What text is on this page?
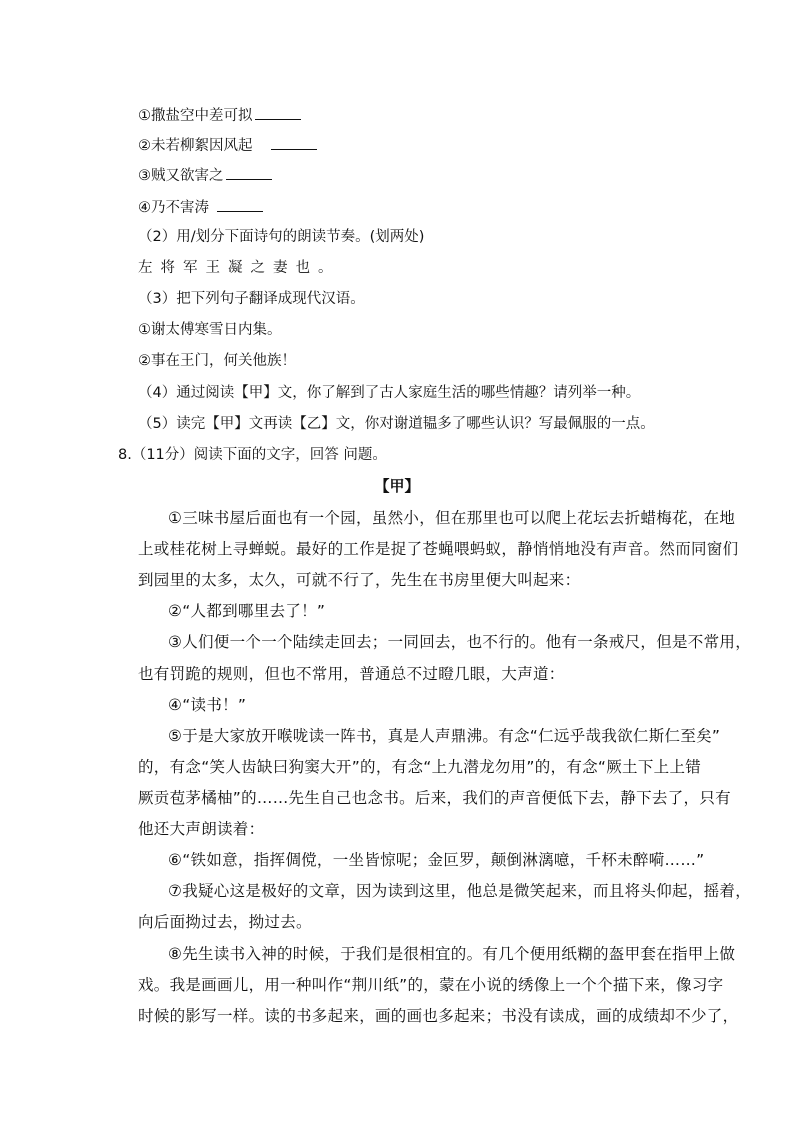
①撒盐空中差可拟
②未若柳絮因风起
③贼又欲害之
④乃不害涛
（2）用/划分下面诗句的朗读节奏。(划两处)
左将军王凝之妻也。
（3）把下列句子翻译成现代汉语。
①谢太傅寒雪日内集。
②事在王门，何关他族！
（4）通过阅读【甲】文，你了解到了古人家庭生活的哪些情趣？请列举一种。
（5）读完【甲】文再读【乙】文，你对谢道韫多了哪些认识？写最佩服的一点。
8.（11分）阅读下面的文字，回答 问题。
【甲】
①三味书屋后面也有一个园，虽然小，但在那里也可以爬上花坛去折蜡梅花，在地
上或桂花树上寻蝉蜕。最好的工作是捉了苍蝇喂蚂蚁，静悄悄地没有声音。然而同窗们
到园里的太多，太久，可就不行了，先生在书房里便大叫起来：
②“人都到哪里去了！”
③人们便一个一个陆续走回去；一同回去，也不行的。他有一条戒尺，但是不常用，
也有罚跪的规则，但也不常用，普通总不过瞪几眼，大声道：
④“读书！”
⑤于是大家放开喉咙读一阵书，真是人声鼎沸。有念“仁远乎哉我欲仁斯仁至矣”
的，有念“笑人齿缺曰狗窦大开”的，有念“上九潜龙勿用”的，有念“厥土下上上错
厥贡苞茅橘柚”的……先生自己也念书。后来，我们的声音便低下去，静下去了，只有
他还大声朗读着：
⑥“铁如意，指挥倜傥，一坐皆惊呢；金叵罗，颠倒淋漓噫，千杯未醉嗬……”
⑦我疑心这是极好的文章，因为读到这里，他总是微笑起来，而且将头仰起，摇着，
向后面拗过去，拗过去。
⑧先生读书入神的时候，于我们是很相宜的。有几个便用纸糊的盔甲套在指甲上做
戏。我是画画儿，用一种叫作“荆川纸”的，蒙在小说的绣像上一个个描下来，像习字
时候的影写一样。读的书多起来，画的画也多起来；书没有读成，画的成绩却不少了，
